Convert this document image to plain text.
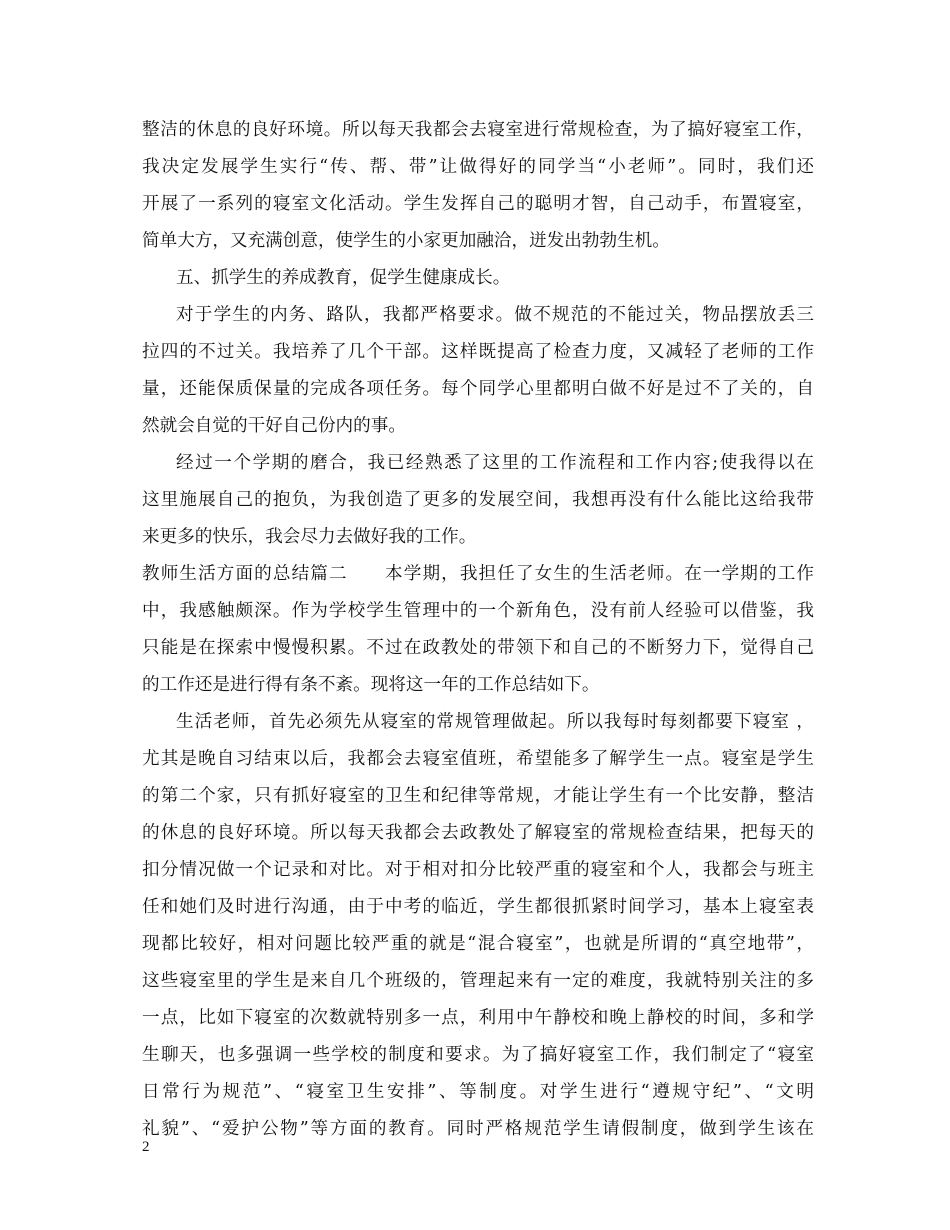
整洁的休息的良好环境。所以每天我都会去寝室进行常规检查，为了搞好寝室工作，
我决定发展学生实行“传、帮、带”让做得好的同学当“小老师”。同时，我们还
开展了一系列的寝室文化活动。学生发挥自己的聪明才智，自己动手，布置寝室，
简单大方，又充满创意，使学生的小家更加融洽，迸发出勃勃生机。
五、抓学生的养成教育，促学生健康成长。
对于学生的内务、路队，我都严格要求。做不规范的不能过关，物品摆放丢三
拉四的不过关。我培养了几个干部。这样既提高了检查力度，又减轻了老师的工作
量，还能保质保量的完成各项任务。每个同学心里都明白做不好是过不了关的，自
然就会自觉的干好自己份内的事。
经过一个学期的磨合，我已经熟悉了这里的工作流程和工作内容;使我得以在
这里施展自己的抱负，为我创造了更多的发展空间，我想再没有什么能比这给我带
来更多的快乐，我会尽力去做好我的工作。
教师生活方面的总结篇二　　本学期，我担任了女生的生活老师。在一学期的工作
中，我感触颇深。作为学校学生管理中的一个新角色，没有前人经验可以借鉴，我
只能是在探索中慢慢积累。不过在政教处的带领下和自己的不断努力下，觉得自己
的工作还是进行得有条不紊。现将这一年的工作总结如下。
生活老师，首先必须先从寝室的常规管理做起。所以我每时每刻都要下寝室 ，
尤其是晚自习结束以后，我都会去寝室值班，希望能多了解学生一点。寝室是学生
的第二个家，只有抓好寝室的卫生和纪律等常规，才能让学生有一个比安静，整洁
的休息的良好环境。所以每天我都会去政教处了解寝室的常规检查结果，把每天的
扣分情况做一个记录和对比。对于相对扣分比较严重的寝室和个人，我都会与班主
任和她们及时进行沟通，由于中考的临近，学生都很抓紧时间学习，基本上寝室表
现都比较好，相对问题比较严重的就是“混合寝室”，也就是所谓的“真空地带”，
这些寝室里的学生是来自几个班级的，管理起来有一定的难度，我就特别关注的多
一点，比如下寝室的次数就特别多一点，利用中午静校和晚上静校的时间，多和学
生聊天，也多强调一些学校的制度和要求。为了搞好寝室工作，我们制定了“寝室
日常行为规范”、“寝室卫生安排”、等制度。对学生进行“遵规守纪”、“文明
礼貌”、“爱护公物”等方面的教育。同时严格规范学生请假制度，做到学生该在
2
